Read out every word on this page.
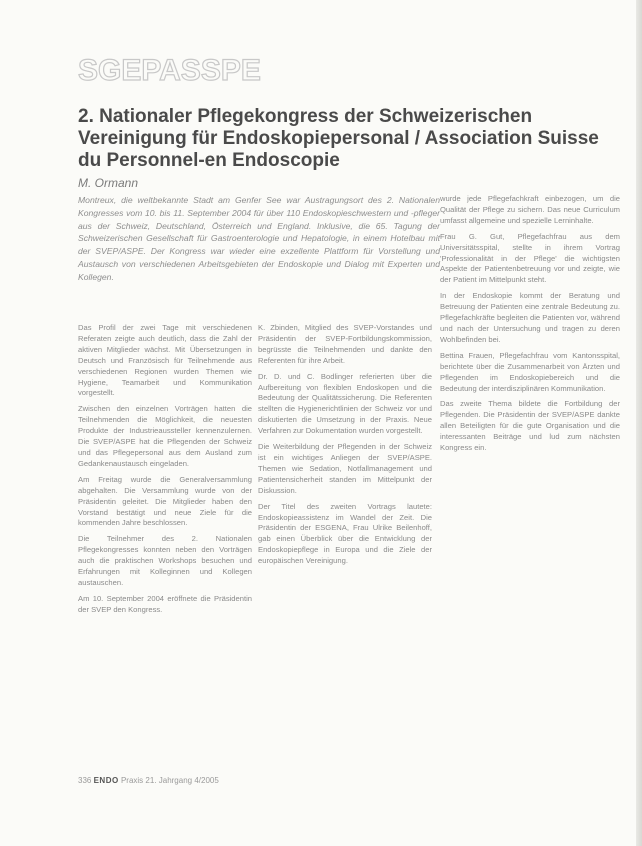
SGEPASSPE
2. Nationaler Pflegekongress der Schweizerischen Vereinigung für Endoskopiepersonal / Association Suisse du Personnel-en Endoscopie
M. Ormann
Montreux, die weltbekannte Stadt am Genfer See war Austragungsort des 2. Nationalen Kongresses vom 10. bis 11. September 2004 für über 110 Endoskopieschwestern und -pfleger aus der Schweiz, Deutschland, Österreich und England. Inklusive, die 65. Tagung der Schweizerischen Gesellschaft für Gastroenterologie und Hepatologie, in einem Hotelbau mit der SVEP/ASPE. Der Kongress war wieder eine exzellente Plattform für Vorstellung und Austausch von verschiedenen Arbeitsgebieten der Endoskopie und Dialog mit Experten und Kollegen.

Das Profil der zwei Tage mit verschiedenen Referaten zeigte auch deutlich, dass die Zahl der aktiven Mitglieder wächst. Mit Übersetzungen in Deutsch und Französisch für Teilnehmende aus verschiedenen Regionen wurden Themen wie Hygiene, Teamarbeit und Kommunikation vorgestellt.

Zwischen den einzelnen Vorträgen hatten die Teilnehmenden die Möglichkeit, die neuesten Produkte der Industrieaussteller kennenzulernen. Die SVEP/ASPE hat die Pflegenden der Schweiz und das Pflegepersonal aus dem Ausland zum Gedankenaustausch eingeladen.

Am Freitag wurde die Generalversammlung abgehalten. Die Versammlung wurde von der Präsidentin geleitet. Die Mitglieder haben den Vorstand bestätigt und neue Ziele für die kommenden Jahre beschlossen.

Die Teilnehmer des 2. Nationalen Pflegekongresses konnten neben den Vorträgen auch die praktischen Workshops besuchen und Erfahrungen mit Kolleginnen und Kollegen austauschen.

Am 10. September 2004 eröffnete die Präsidentin der SVEP den Kongress.

K. Zbinden, Mitglied des SVEP-Vorstandes und Präsidentin der SVEP-Fortbildungskommission, begrüsste die Teilnehmenden und dankte den Referenten für ihre Arbeit.

Dr. D. und C. Bodlinger referierten über die Aufbereitung von flexiblen Endoskopen und die Bedeutung der Qualitätssicherung. Die Referenten stellten die Hygienerichtlinien der Schweiz vor und diskutierten die Umsetzung in der Praxis. Neue Verfahren zur Dokumentation wurden vorgestellt.

Die Weiterbildung der Pflegenden in der Schweiz ist ein wichtiges Anliegen der SVEP/ASPE. Themen wie Sedation, Notfallmanagement und Patientensicherheit standen im Mittelpunkt der Diskussion.

Der Titel des zweiten Vortrags lautete: Endoskopieassistenz im Wandel der Zeit. Die Präsidentin der ESGENA, Frau Ulrike Beilenhoff, gab einen Überblick über die Entwicklung der Endoskopiepflege in Europa und die Ziele der europäischen Vereinigung.

wurde jede Pflegefachkraft einbezogen, um die Qualität der Pflege zu sichern. Das neue Curriculum umfasst allgemeine und spezielle Lerninhalte.

Frau G. Gut, Pflegefachfrau aus dem Universitätsspital, stellte in ihrem Vortrag 'Professionalität in der Pflege' die wichtigsten Aspekte der Patientenbetreuung vor und zeigte, wie der Patient im Mittelpunkt steht.

In der Endoskopie kommt der Beratung und Betreuung der Patienten eine zentrale Bedeutung zu. Pflegefachkräfte begleiten die Patienten vor, während und nach der Untersuchung und tragen zu deren Wohlbefinden bei.

Bettina Frauen, Pflegefachfrau vom Kantonsspital, berichtete über die Zusammenarbeit von Ärzten und Pflegenden im Endoskopiebereich und die Bedeutung der interdisziplinären Kommunikation.

Das zweite Thema bildete die Fortbildung der Pflegenden. Die Präsidentin der SVEP/ASPE dankte allen Beteiligten für die gute Organisation und die interessanten Beiträge und lud zum nächsten Kongress ein.

336 ENDO Praxis 21. Jahrgang 4/2005
